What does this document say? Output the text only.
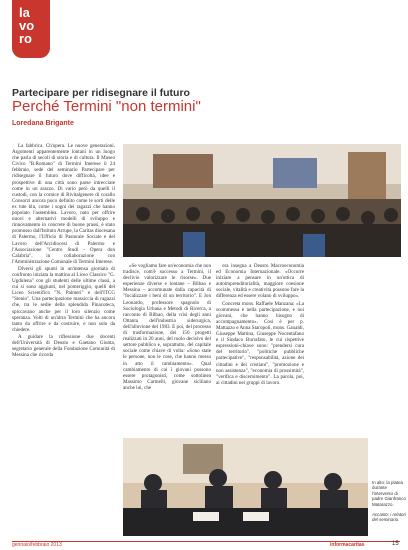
la
vo
ro
Partecipare per ridisegnare il futuro
Perché Termini "non termini"
Loredana Brigante

La fabbrica. Ch'opera. Le nuove generazioni. Argomenti apparentemente lontani in un luogo che parla di secoli di storia e di cultura. Il Museo Civico "B.Romano" di Termini Imerese il 24 febbraio, sede del seminario Partecipare per ridisegnare il futuro dove difficoltà, idee e prospettive di una città sono parse intrecciate come in un arazzo. Di vario però da quelli il custodi, con la cornice di Rivitalgenere di corallo Consorzi ancora poco definito come le sorti delle ex tute blu, come i sogni dei ragazzi che hanno popolato l'assemblea. Lavoro, nato per offrire nuovi e alternativi modelli di sviluppo e rinnovamento in concrete di buone prassi, è stato promosso dall'Istituto Arrupe, la Caritas diocesana di Palermo, l'Ufficio di Pastorale Sociale e del Lavoro dell'Arcidiocesi di Palermo e l'Associazione "Centro Studi - Opera don Calabria", in collaborazione con l'Amministrazione Comunale di Termini Imerese.

Diversi gli spunti in un'intensa giornata di confronto iniziata la mattina al Liceo Classico "G. Ugdulena" con gli studenti delle ultime classi, a cui si sono aggiunti, nel pomeriggio, quelli del Liceo Scientifico "N. Palmeri" e dell'ITCG "Stenio". Una partecipazione massiccia di ragazzi che, tra le sedie della splendida Pinacoteca, spiccavano anche per il loro silenzio come speranza. Volti di un'altra Termini che ha ancora tanto da offrire e da costruire, e non solo da chiedere.

A guidare la riflessione due docenti dell'Università di Deusto e Gaetano Giunta, segretario generale della Fondazione Comunità di Messina che ricorda

«Se vogliamo fare un'economia che non tradisce, com'è successo a Termini, il declivio valorizzare le risorse». Due esperienze diverse e lontane – Bilbao e Messina – accomunate dalla capacità di "focalizzare i beni di un territorio". E Jon Leonardo, professore spagnolo di Sociologia Urbana e Metodi di Ricerca, a racconto di Bilbao, della crisi degli anni Ottanta dell'industria siderurgica, dell'alluvione del 1983. E poi, del processo di trasformazione, dei 150 progetti realizzati in 20 anni, del ruolo decisivo del settore pubblico e, soprattutto, del capitale sociale come chiave di volta: «Sono state le persone, non le cose, che hanno messo in atto il cambiamento». Qual cambiamento di cui i giovani possono essere protagonisti, come sottolinea Massimo Carmelli, giovane siciliano anche lui, che

ora insegna a Deusto Macroeconomia ed Economia Internazionale. «Occorre iniziare a pensare in un'ottica di autoimprenditorialità, maggiore coesione sociale, vitalità e creatività possono fare la differenza ed essere volano di sviluppo».

Concreta mons. Raffaele Manzana: «La scommessa è nella partecipazione, e noi giovani, che hanno bisogno di accompagnamento». Così è per p. Mattazzo e Anna Staropoli, mons. Ganaldi, Giuseppe Mattina, Giuseppe Nocentafano e il Sindaco Burrafato, le cui rispettive espressioni-chiave sono: "prendersi cura del territorio", "politiche pubbliche partecipative", "responsabilità, azione dei cittadini e dei cristiani", "promozione e non assistenza", "economia di prossimità", "verifica e discernimento". La parola, poi, ai cittadini nei gruppi di lavoro.

In alto: la platea durante l'intervento di padre Gianfranco Matarazzo.
Accanto: i relatori del seminario.
gennaio/febbraio 2013	informacaritas	15
